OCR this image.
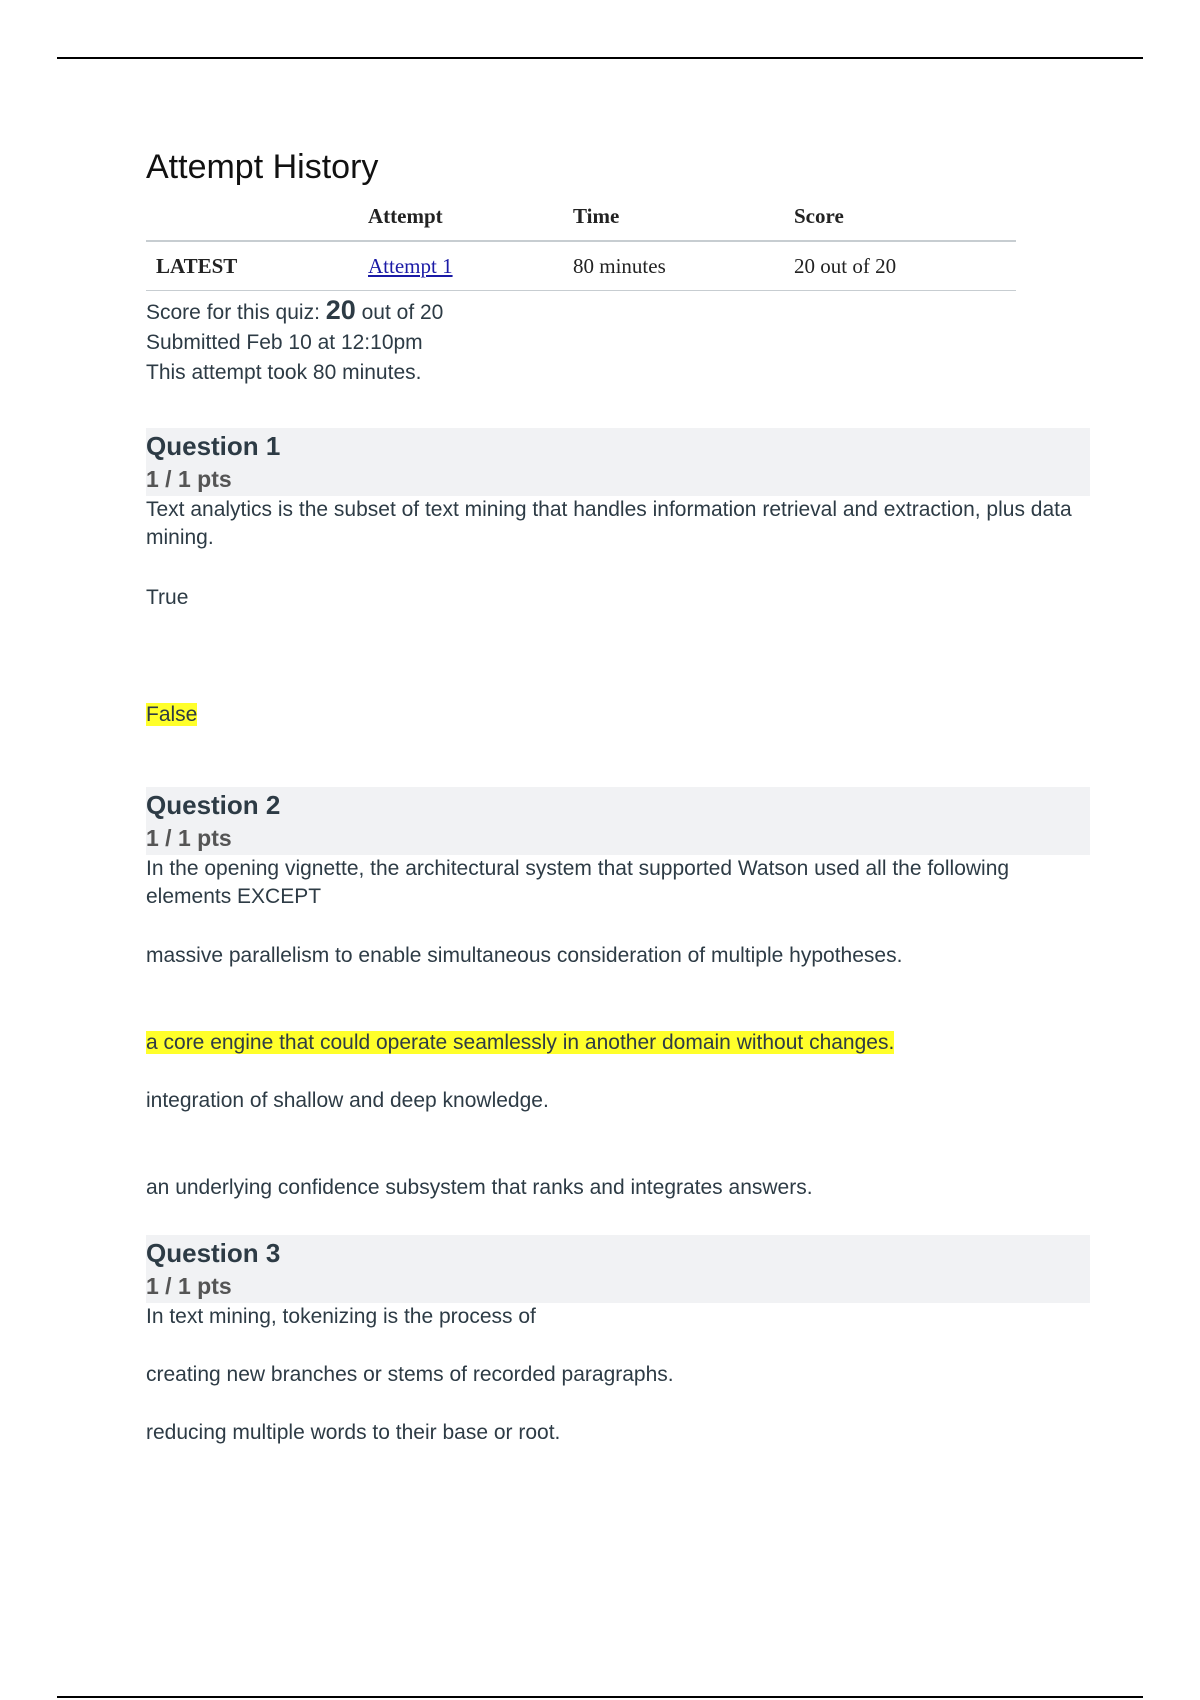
Attempt History
	Attempt	Time	Score
LATEST	Attempt 1	80 minutes	20 out of 20
Score for this quiz: 20 out of 20
Submitted Feb 10 at 12:10pm
This attempt took 80 minutes.
Question 1
1 / 1 pts
Text analytics is the subset of text mining that handles information retrieval and extraction, plus data mining.
True
False
Question 2
1 / 1 pts
In the opening vignette, the architectural system that supported Watson used all the following elements EXCEPT
massive parallelism to enable simultaneous consideration of multiple hypotheses.
a core engine that could operate seamlessly in another domain without changes.
integration of shallow and deep knowledge.
an underlying confidence subsystem that ranks and integrates answers.
Question 3
1 / 1 pts
In text mining, tokenizing is the process of
creating new branches or stems of recorded paragraphs.
reducing multiple words to their base or root.
